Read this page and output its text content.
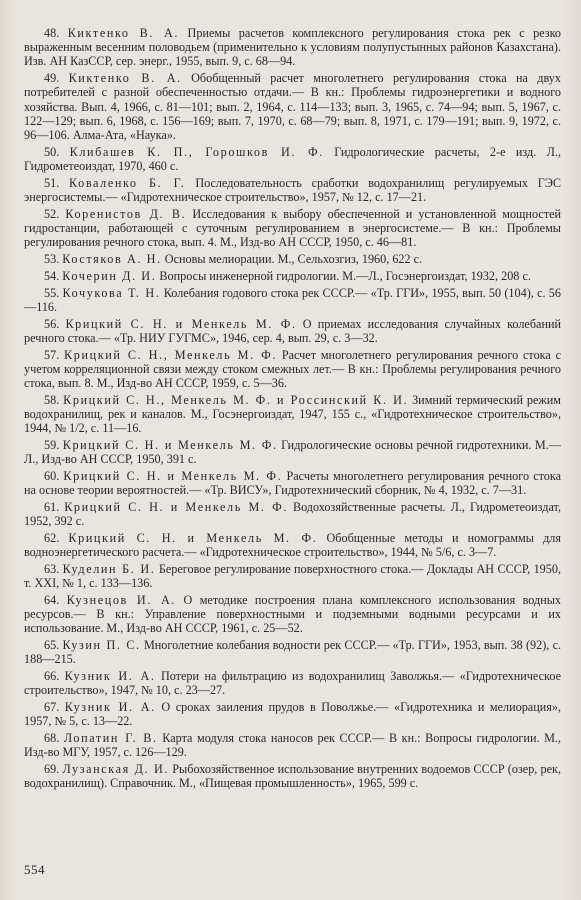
48. Киктенко В. А. Приемы расчетов комплексного регулирования стока рек с резко выраженным весенним половодьем (применительно к условиям полупустынных районов Казахстана). Изв. АН КазССР, сер. энерг., 1955, вып. 9, с. 68—94.

49. Киктенко В. А. Обобщенный расчет многолетнего регулирования стока на двух потребителей с разной обеспеченностью отдачи.— В кн.: Проблемы гидроэнергетики и водного хозяйства. Вып. 4, 1966, с. 81—101; вып. 2, 1964, с. 114—133; вып. 3, 1965, с. 74—94; вып. 5, 1967, с. 122—129; вып. 6, 1968, с. 156—169; вып. 7, 1970, с. 68—79; вып. 8, 1971, с. 179—191; вып. 9, 1972, с. 96—106. Алма-Ата, «Наука».

50. Клибашев К. П., Горошков И. Ф. Гидрологические расчеты, 2-е изд. Л., Гидрометеоиздат, 1970, 460 с.

51. Коваленко Б. Г. Последовательность сработки водохранилищ регулируемых ГЭС энергосистемы.— «Гидротехническое строительство», 1957, № 12, с. 17—21.

52. Коренистов Д. В. Исследования к выбору обеспеченной и установленной мощностей гидростанции, работающей с суточным регулированием в энергосистеме.— В кн.: Проблемы регулирования речного стока, вып. 4. М., Изд-во АН СССР, 1950, с. 46—81.

53. Костяков А. Н. Основы мелиорации. М., Сельхозгиз, 1960, 622 с.

54. Кочерин Д. И. Вопросы инженерной гидрологии. М.—Л., Госэнергоиздат, 1932, 208 с.

55. Кочукова Т. Н. Колебания годового стока рек СССР.— «Тр. ГГИ», 1955, вып. 50 (104), с. 56—116.

56. Крицкий С. Н. и Менкель М. Ф. О приемах исследования случайных колебаний речного стока.— «Тр. НИУ ГУГМС», 1946, сер. 4, вып. 29, с. 3—32.

57. Крицкий С. Н., Менкель М. Ф. Расчет многолетнего регулирования речного стока с учетом корреляционной связи между стоком смежных лет.— В кн.: Проблемы регулирования речного стока, вып. 8. М., Изд-во АН СССР, 1959, с. 5—36.

58. Крицкий С. Н., Менкель М. Ф. и Россинский К. И. Зимний термический режим водохранилищ, рек и каналов. М., Госэнергоиздат, 1947, 155 с., «Гидротехническое строительство», 1944, № 1/2, с. 11—16.

59. Крицкий С. Н. и Менкель М. Ф. Гидрологические основы речной гидротехники. М.—Л., Изд-во АН СССР, 1950, 391 с.

60. Крицкий С. Н. и Менкель М. Ф. Расчеты многолетнего регулирования речного стока на основе теории вероятностей.— «Тр. ВИСУ», Гидротехнический сборник, № 4, 1932, с. 7—31.

61. Крицкий С. Н. и Менкель М. Ф. Водохозяйственные расчеты. Л., Гидрометеоиздат, 1952, 392 с.

62. Крицкий С. Н. и Менкель М. Ф. Обобщенные методы и номограммы для водноэнергетического расчета.— «Гидротехническое строительство», 1944, № 5/6, с. 3—7.

63. Куделин Б. И. Береговое регулирование поверхностного стока.— Доклады АН СССР, 1950, т. XXI, № 1, с. 133—136.

64. Кузнецов И. А. О методике построения плана комплексного использования водных ресурсов.— В кн.: Управление поверхностными и подземными водными ресурсами и их использование. М., Изд-во АН СССР, 1961, с. 25—52.

65. Кузин П. С. Многолетние колебания водности рек СССР.— «Тр. ГГИ», 1953, вып. 38 (92), с. 188—215.

66. Кузник И. А. Потери на фильтрацию из водохранилищ Заволжья.— «Гидротехническое строительство», 1947, № 10, с. 23—27.

67. Кузник И. А. О сроках заиления прудов в Поволжье.— «Гидротехника и мелиорация», 1957, № 5, с. 13—22.

68. Лопатин Г. В. Карта модуля стока наносов рек СССР.— В кн.: Вопросы гидрологии. М., Изд-во МГУ, 1957, с. 126—129.

69. Лузанская Д. И. Рыбохозяйственное использование внутренних водоемов СССР (озер, рек, водохранилищ). Справочник. М., «Пищевая промышленность», 1965, 599 с.

554
